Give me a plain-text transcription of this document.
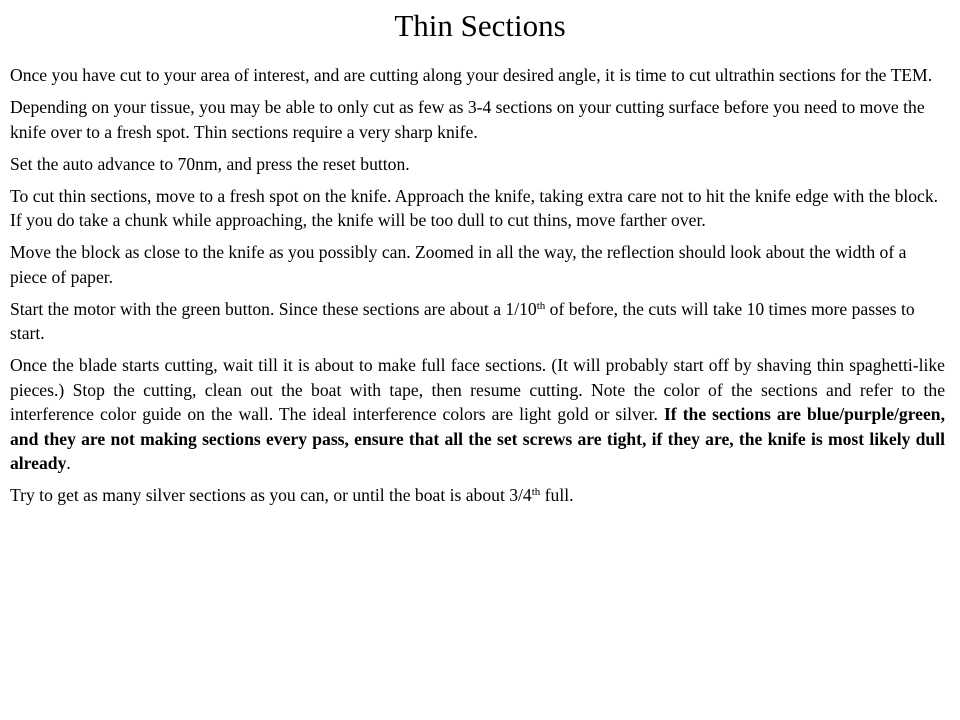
Thin Sections

Once you have cut to your area of interest, and are cutting along your desired angle, it is time to cut ultrathin sections for the TEM.

Depending on your tissue, you may be able to only cut as few as 3-4 sections on your cutting surface before you need to move the knife over to a fresh spot. Thin sections require a very sharp knife.

Set the auto advance to 70nm, and press the reset button.

To cut thin sections, move to a fresh spot on the knife. Approach the knife, taking extra care not to hit the knife edge with the block. If you do take a chunk while approaching, the knife will be too dull to cut thins, move farther over.

Move the block as close to the knife as you possibly can. Zoomed in all the way, the reflection should look about the width of a piece of paper.

Start the motor with the green button. Since these sections are about a 1/10th of before, the cuts will take 10 times more passes to start.

Once the blade starts cutting, wait till it is about to make full face sections. (It will probably start off by shaving thin spaghetti-like pieces.) Stop the cutting, clean out the boat with tape, then resume cutting. Note the color of the sections and refer to the interference color guide on the wall. The ideal interference colors are light gold or silver. If the sections are blue/purple/green, and they are not making sections every pass, ensure that all the set screws are tight, if they are, the knife is most likely dull already.

Try to get as many silver sections as you can, or until the boat is about 3/4th full.
